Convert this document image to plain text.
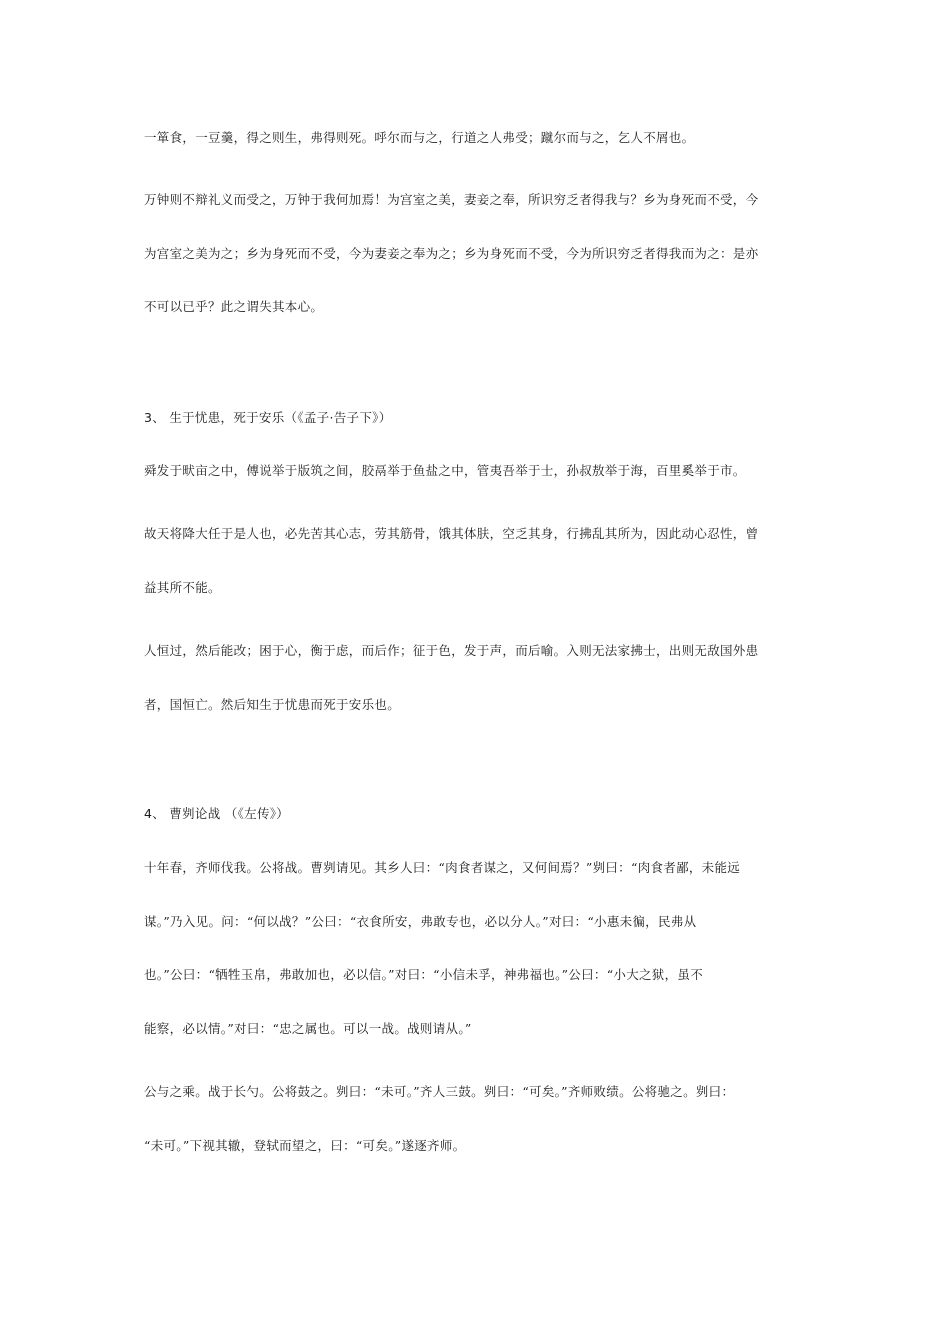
一箪食，一豆羹，得之则生，弗得则死。呼尔而与之，行道之人弗受；蹴尔而与之，乞人不屑也。
万钟则不辩礼义而受之，万钟于我何加焉！为宫室之美，妻妾之奉，所识穷乏者得我与？乡为身死而不受，今
为宫室之美为之；乡为身死而不受，今为妻妾之奉为之；乡为身死而不受，今为所识穷乏者得我而为之：是亦
不可以已乎？此之谓失其本心。
3、 生于忧患，死于安乐（《孟子·告子下》）
舜发于畎亩之中，傅说举于版筑之间，胶鬲举于鱼盐之中，管夷吾举于士，孙叔敖举于海，百里奚举于市。
故天将降大任于是人也，必先苦其心志，劳其筋骨，饿其体肤，空乏其身，行拂乱其所为，因此动心忍性，曾
益其所不能。
人恒过，然后能改；困于心，衡于虑，而后作；征于色，发于声，而后喻。入则无法家拂士，出则无敌国外患
者，国恒亡。然后知生于忧患而死于安乐也。
4、 曹刿论战 （《左传》）
十年春，齐师伐我。公将战。曹刿请见。其乡人曰：“肉食者谋之，又何间焉？”刿曰：“肉食者鄙，未能远
谋。”乃入见。问：“何以战？”公曰：“衣食所安，弗敢专也，必以分人。”对曰：“小惠未徧，民弗从
也。”公曰：“牺牲玉帛，弗敢加也，必以信。”对曰：“小信未孚，神弗福也。”公曰：“小大之狱，虽不
能察，必以情。”对曰：“忠之属也。可以一战。战则请从。”
公与之乘。战于长勺。公将鼓之。刿曰：“未可。”齐人三鼓。刿曰：“可矣。”齐师败绩。公将驰之。刿曰：
“未可。”下视其辙，登轼而望之，曰：“可矣。”遂逐齐师。
